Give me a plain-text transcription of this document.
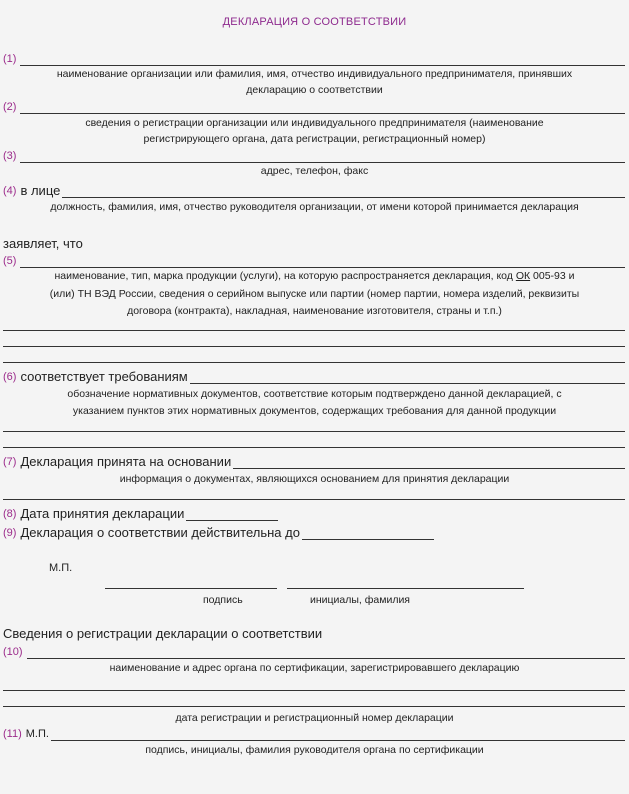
ДЕКЛАРАЦИЯ О СООТВЕТСТВИИ
(1)
наименование организации или фамилия, имя, отчество индивидуального предпринимателя, принявших
декларацию о соответствии
(2)
сведения о регистрации организации или индивидуального предпринимателя (наименование
регистрирующего органа, дата регистрации, регистрационный номер)
(3)
адрес, телефон, факс
(4) в лице
должность, фамилия, имя, отчество руководителя организации, от имени которой принимается декларация
заявляет, что
(5)
наименование, тип, марка продукции (услуги), на которую распространяется декларация, код ОК 005-93 и
(или) ТН ВЭД России, сведения о серийном выпуске или партии (номер партии, номера изделий, реквизиты
договора (контракта), накладная, наименование изготовителя, страны и т.п.)
(6) соответствует требованиям
обозначение нормативных документов, соответствие которым подтверждено данной декларацией, с
указанием пунктов этих нормативных документов, содержащих требования для данной продукции
(7) Декларация принята на основании
информация о документах, являющихся основанием для принятия декларации
(8) Дата принятия декларации
(9) Декларация о соответствии действительна до
М.П.
подпись	инициалы, фамилия
Сведения о регистрации декларации о соответствии
(10)
наименование и адрес органа по сертификации, зарегистрировавшего декларацию
дата регистрации и регистрационный номер декларации
(11) М.П.
подпись, инициалы, фамилия руководителя органа по сертификации
